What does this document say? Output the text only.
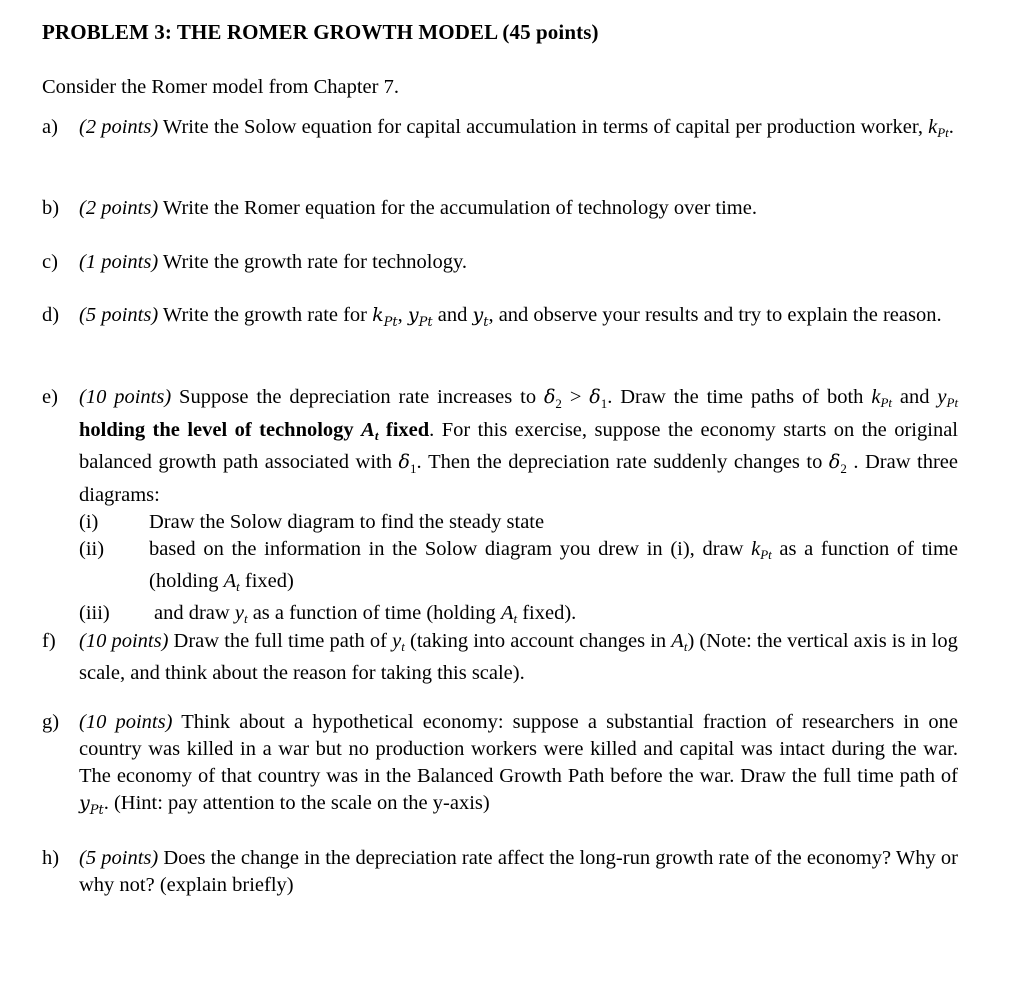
PROBLEM 3: THE ROMER GROWTH MODEL (45 points)
Consider the Romer model from Chapter 7.
a) (2 points) Write the Solow equation for capital accumulation in terms of capital per production worker, $k_{Pt}$.
b) (2 points) Write the Romer equation for the accumulation of technology over time.
c) (1 points) Write the growth rate for technology.
d) (5 points) Write the growth rate for $k_{Pt}$, $y_{Pt}$ and $y_t$, and observe your results and try to explain the reason.
e) (10 points) Suppose the depreciation rate increases to $\delta_2 > \delta_1$. Draw the time paths of both $k_{Pt}$ and $y_{Pt}$ holding the level of technology $A_t$ fixed. For this exercise, suppose the economy starts on the original balanced growth path associated with $\delta_1$. Then the depreciation rate suddenly changes to $\delta_2$ . Draw three diagrams:
(i) Draw the Solow diagram to find the steady state
(ii) based on the information in the Solow diagram you drew in (i), draw $k_{Pt}$ as a function of time (holding $A_t$ fixed)
(iii) and draw $y_t$ as a function of time (holding $A_t$ fixed).
f) (10 points) Draw the full time path of $y_t$ (taking into account changes in $A_t$) (Note: the vertical axis is in log scale, and think about the reason for taking this scale).
g) (10 points) Think about a hypothetical economy: suppose a substantial fraction of researchers in one country was killed in a war but no production workers were killed and capital was intact during the war. The economy of that country was in the Balanced Growth Path before the war. Draw the full time path of $y_{Pt}$. (Hint: pay attention to the scale on the y-axis)
h) (5 points) Does the change in the depreciation rate affect the long-run growth rate of the economy? Why or why not? (explain briefly)
